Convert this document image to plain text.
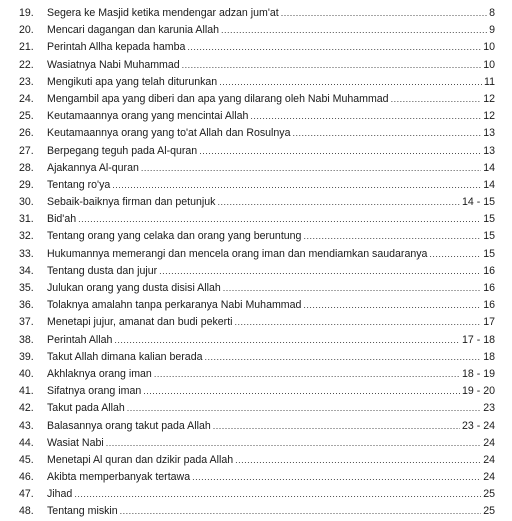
19.	Segera ke Masjid ketika mendengar adzan jum'at .....	8
20.	Mencari dagangan dan karunia Allah .....	9
21.	Perintah Allha kepada hamba .....	10
22.	Wasiatnya Nabi Muhammad .....	10
23.	Mengikuti apa yang telah diturunkan .....	11
24.	Mengambil apa yang diberi dan apa yang dilarang oleh Nabi Muhammad .....	12
25.	Keutamaannya orang yang mencintai Allah .....	12
26.	Keutamaannya orang yang to'at Allah dan Rosulnya .....	13
27.	Berpegang teguh pada Al-quran .....	13
28.	Ajakannya Al-quran .....	14
29.	Tentang ro'ya .....	14
30.	Sebaik-baiknya firman dan petunjuk .....	14 - 15
31.	Bid'ah .....	15
32.	Tentang orang yang celaka dan orang yang beruntung .....	15
33.	Hukumannya memerangi dan mencela orang iman dan mendiamkan saudaranya .....	15
34.	Tentang dusta dan jujur .....	16
35.	Julukan orang yang dusta disisi Allah .....	16
36.	Tolaknya amalahn tanpa perkaranya Nabi Muhammad .....	16
37.	Menetapi jujur, amanat dan budi pekerti .....	17
38.	Perintah Allah .....	17 - 18
39.	Takut Allah dimana kalian berada .....	18
40.	Akhlaknya orang iman .....	18 - 19
41.	Sifatnya orang iman .....	19 - 20
42.	Takut pada Allah .....	23
43.	Balasannya orang takut pada Allah .....	23 - 24
44.	Wasiat Nabi .....	24
45.	Menetapi Al quran dan dzikir pada Allah .....	24
46.	Akibta memperbanyak tertawa .....	24
47.	Jihad .....	25
48.	Tentang miskin .....	25
